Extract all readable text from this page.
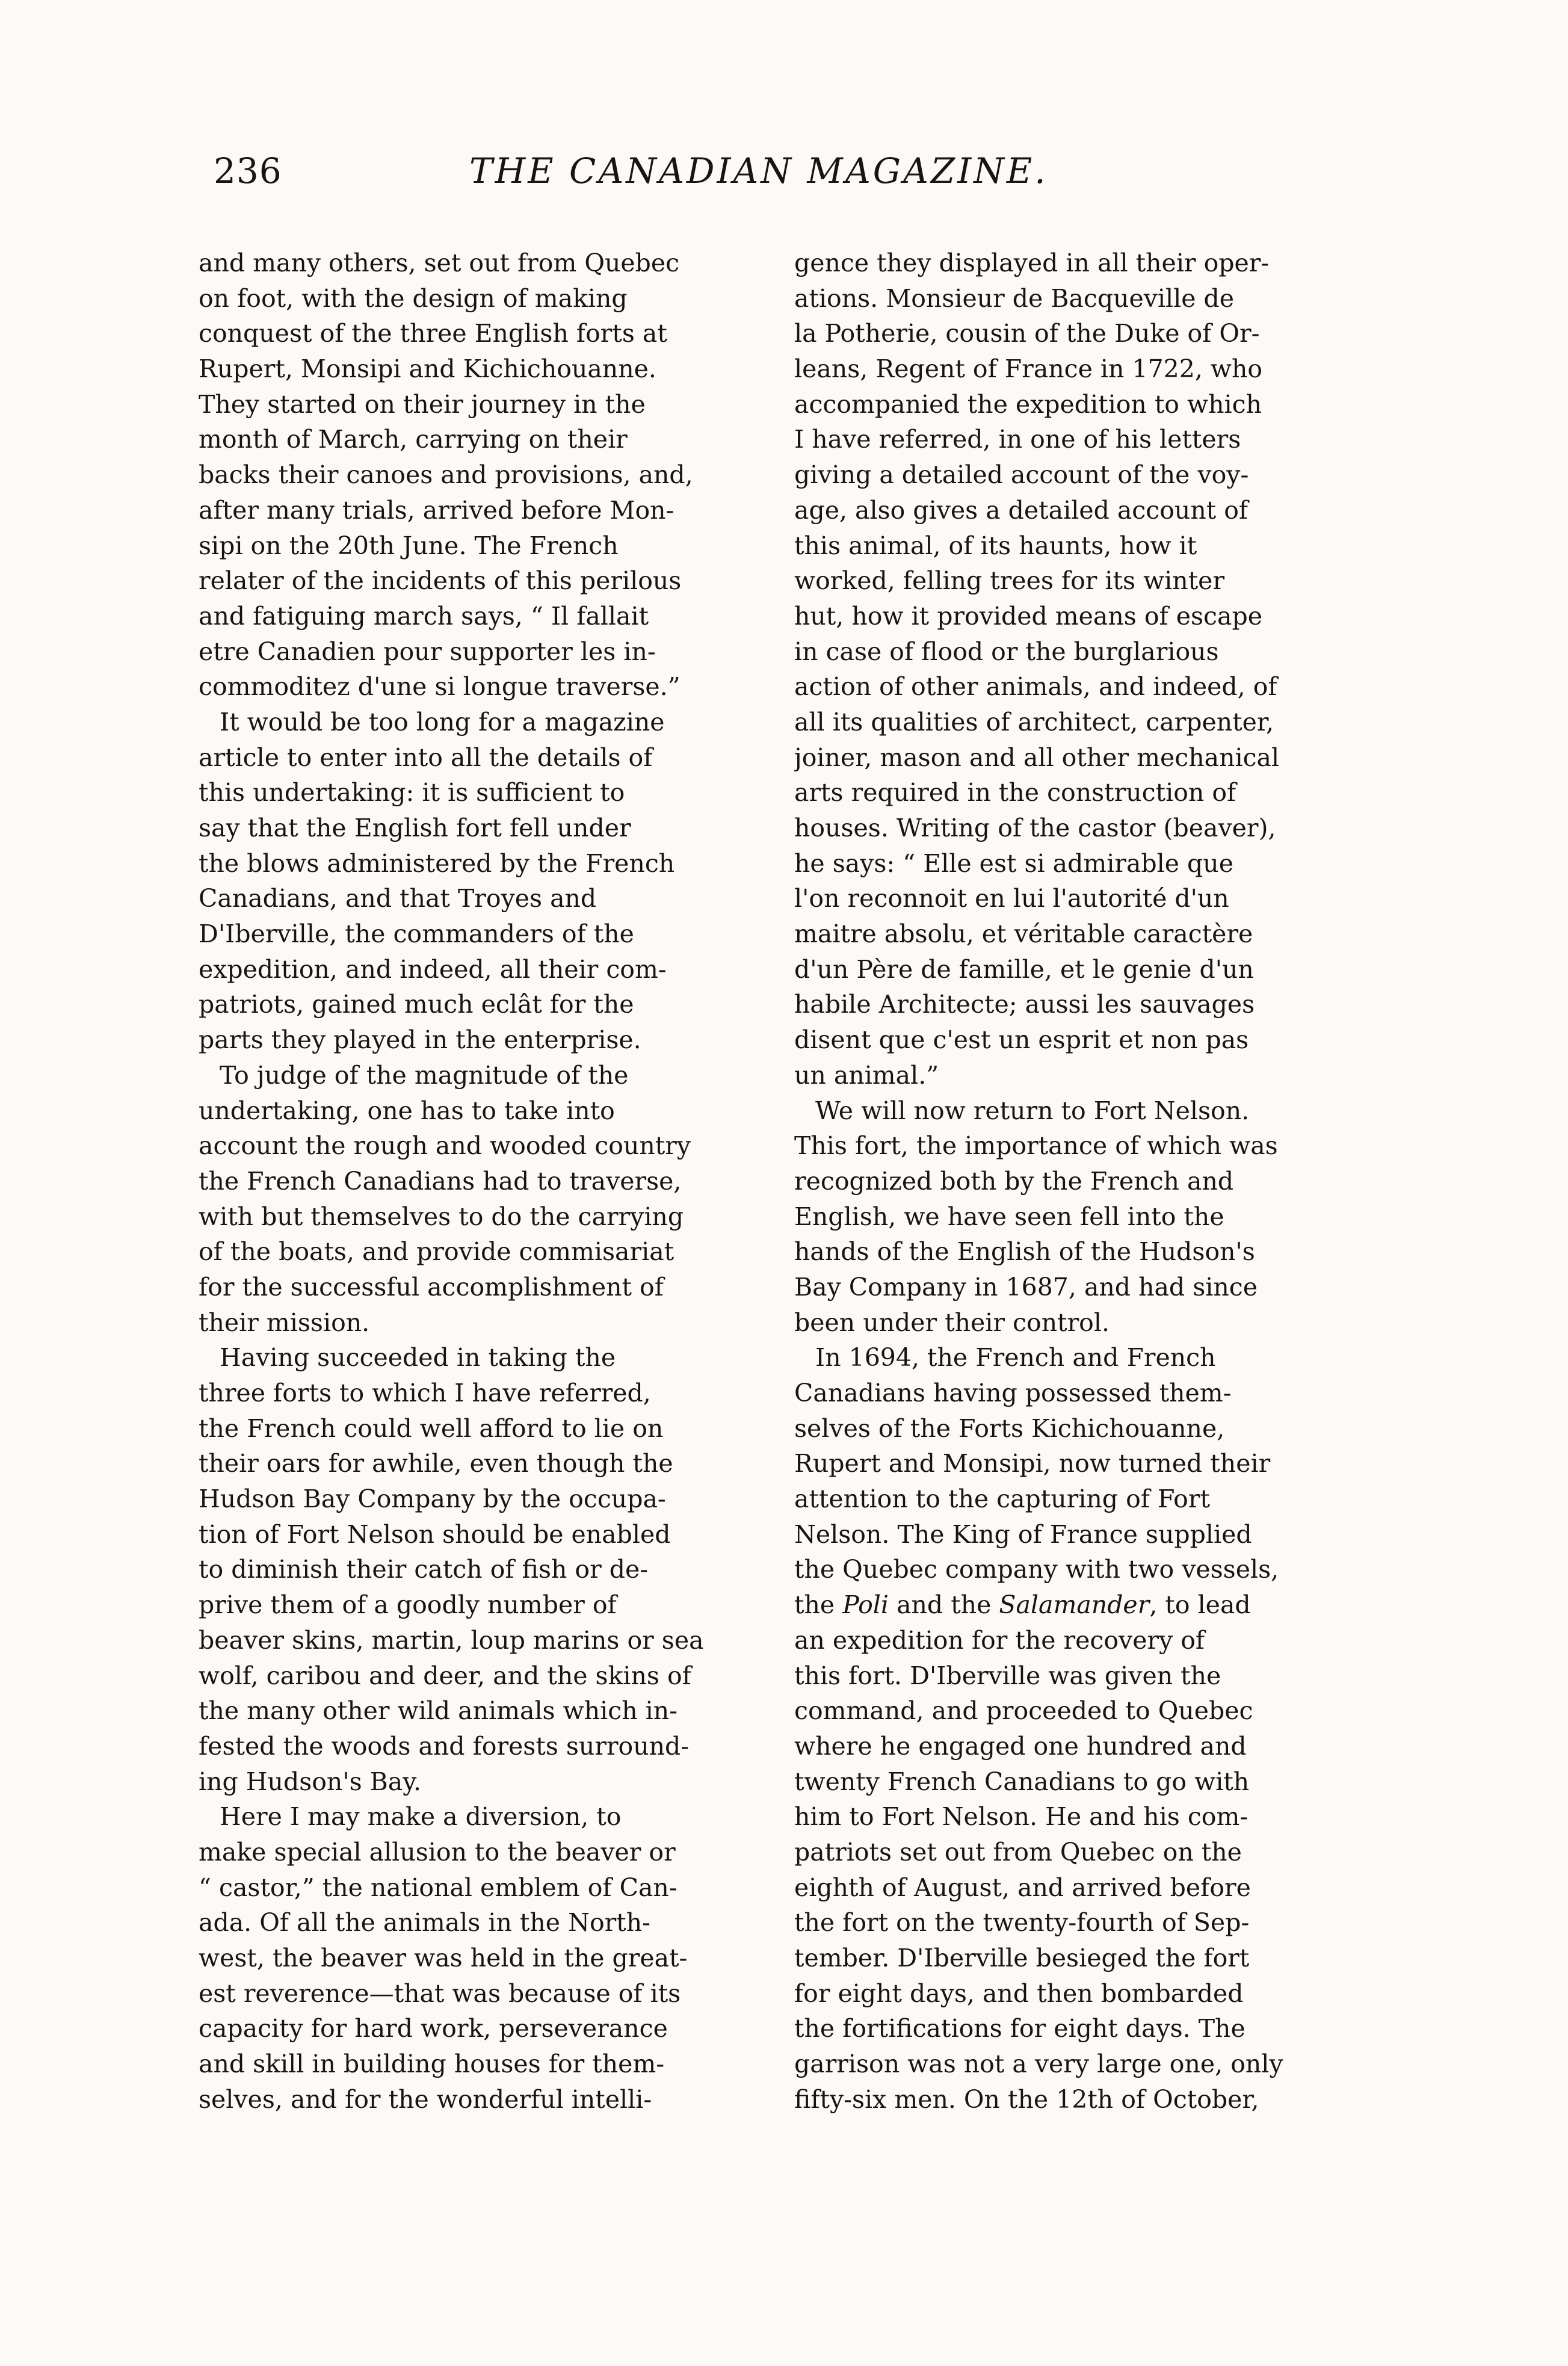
236	THE CANADIAN MAGAZINE.
and many others, set out from Quebec
on foot, with the design of making
conquest of the three English forts at
Rupert, Monsipi and Kichichouanne.
They started on their journey in the
month of March, carrying on their
backs their canoes and provisions, and,
after many trials, arrived before Mon-
sipi on the 20th June. The French
relater of the incidents of this perilous
and fatiguing march says, “ Il fallait
etre Canadien pour supporter les in-
commoditez d'une si longue traverse.”
It would be too long for a magazine
article to enter into all the details of
this undertaking: it is sufficient to
say that the English fort fell under
the blows administered by the French
Canadians, and that Troyes and
D'Iberville, the commanders of the
expedition, and indeed, all their com-
patriots, gained much eclât for the
parts they played in the enterprise.
To judge of the magnitude of the
undertaking, one has to take into
account the rough and wooded country
the French Canadians had to traverse,
with but themselves to do the carrying
of the boats, and provide commisariat
for the successful accomplishment of
their mission.
Having succeeded in taking the
three forts to which I have referred,
the French could well afford to lie on
their oars for awhile, even though the
Hudson Bay Company by the occupa-
tion of Fort Nelson should be enabled
to diminish their catch of fish or de-
prive them of a goodly number of
beaver skins, martin, loup marins or sea
wolf, caribou and deer, and the skins of
the many other wild animals which in-
fested the woods and forests surround-
ing Hudson's Bay.
Here I may make a diversion, to
make special allusion to the beaver or
“ castor,” the national emblem of Can-
ada. Of all the animals in the North-
west, the beaver was held in the great-
est reverence—that was because of its
capacity for hard work, perseverance
and skill in building houses for them-
selves, and for the wonderful intelli-
gence they displayed in all their oper-
ations. Monsieur de Bacqueville de
la Potherie, cousin of the Duke of Or-
leans, Regent of France in 1722, who
accompanied the expedition to which
I have referred, in one of his letters
giving a detailed account of the voy-
age, also gives a detailed account of
this animal, of its haunts, how it
worked, felling trees for its winter
hut, how it provided means of escape
in case of flood or the burglarious
action of other animals, and indeed, of
all its qualities of architect, carpenter,
joiner, mason and all other mechanical
arts required in the construction of
houses. Writing of the castor (beaver),
he says: “ Elle est si admirable que
l'on reconnoit en lui l'autorité d'un
maitre absolu, et véritable caractère
d'un Père de famille, et le genie d'un
habile Architecte; aussi les sauvages
disent que c'est un esprit et non pas
un animal.”
We will now return to Fort Nelson.
This fort, the importance of which was
recognized both by the French and
English, we have seen fell into the
hands of the English of the Hudson's
Bay Company in 1687, and had since
been under their control.
In 1694, the French and French
Canadians having possessed them-
selves of the Forts Kichichouanne,
Rupert and Monsipi, now turned their
attention to the capturing of Fort
Nelson. The King of France supplied
the Quebec company with two vessels,
the Poli and the Salamander, to lead
an expedition for the recovery of
this fort. D'Iberville was given the
command, and proceeded to Quebec
where he engaged one hundred and
twenty French Canadians to go with
him to Fort Nelson. He and his com-
patriots set out from Quebec on the
eighth of August, and arrived before
the fort on the twenty-fourth of Sep-
tember. D'Iberville besieged the fort
for eight days, and then bombarded
the fortifications for eight days. The
garrison was not a very large one, only
fifty-six men. On the 12th of October,
